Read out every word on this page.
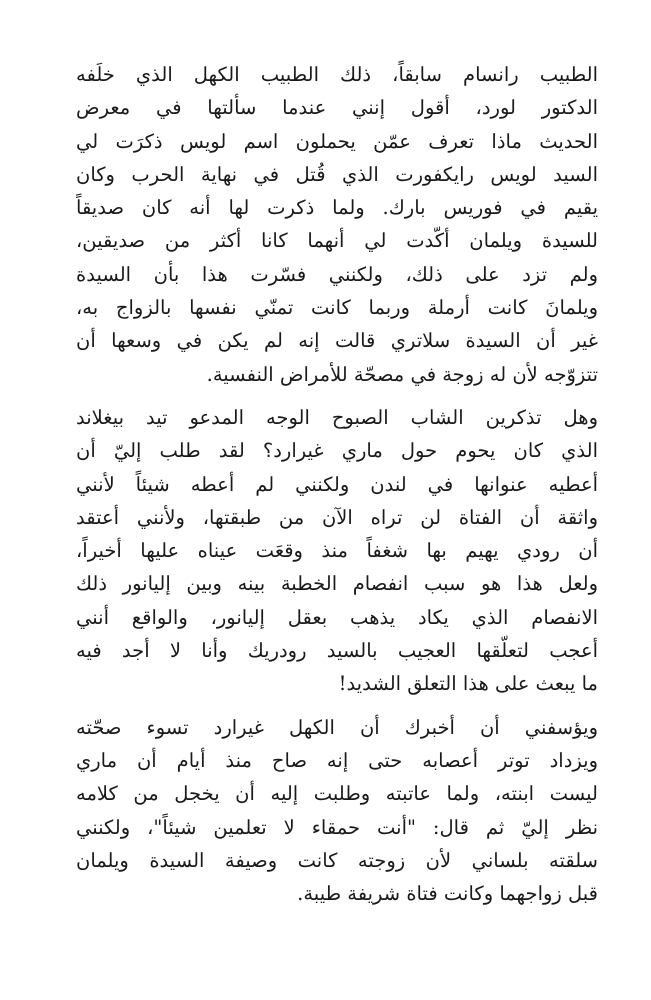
الطبيب رانسام سابقاً، ذلك الطبيب الكهل الذي خلَفه
الدكتور لورد، أقول إنني عندما سألتها في معرض
الحديث ماذا تعرف عمّن يحملون اسم لويس ذكرَت لي
السيد لويس رايكفورت الذي قُتل في نهاية الحرب وكان
يقيم في فوريس بارك. ولما ذكرت لها أنه كان صديقاً
للسيدة ويلمان أكّدت لي أنهما كانا أكثر من صديقين،
ولم تزد على ذلك، ولكنني فسّرت هذا بأن السيدة
ويلمانَ كانت أرملة وربما كانت تمنّي نفسها بالزواج به،
غير أن السيدة سلاتري قالت إنه لم يكن في وسعها أن
تتزوّجه لأن له زوجة في مصحّة للأمراض النفسية.
وهل تذكرين الشاب الصبوح الوجه المدعو تيد بيغلاند
الذي كان يحوم حول ماري غيرارد؟ لقد طلب إليّ أن
أعطيه عنوانها في لندن ولكنني لم أعطه شيئاً لأنني
واثقة أن الفتاة لن تراه الآن من طبقتها، ولأنني أعتقد
أن رودي يهيم بها شغفاً منذ وقعَت عيناه عليها أخيراً،
ولعل هذا هو سبب انفصام الخطبة بينه وبين إليانور ذلك
الانفصام الذي يكاد يذهب بعقل إليانور، والواقع أنني
أعجب لتعلّقها العجيب بالسيد رودريك وأنا لا أجد فيه
ما يبعث على هذا التعلق الشديد!
ويؤسفني أن أخبرك أن الكهل غيرارد تسوء صحّته
ويزداد توتر أعصابه حتى إنه صاح منذ أيام أن ماري
ليست ابنته، ولما عاتبته وطلبت إليه أن يخجل من كلامه
نظر إليّ ثم قال: "أنت حمقاء لا تعلمين شيئاً"، ولكنني
سلقته بلساني لأن زوجته كانت وصيفة السيدة ويلمان
قبل زواجهما وكانت فتاة شريفة طيبة.
